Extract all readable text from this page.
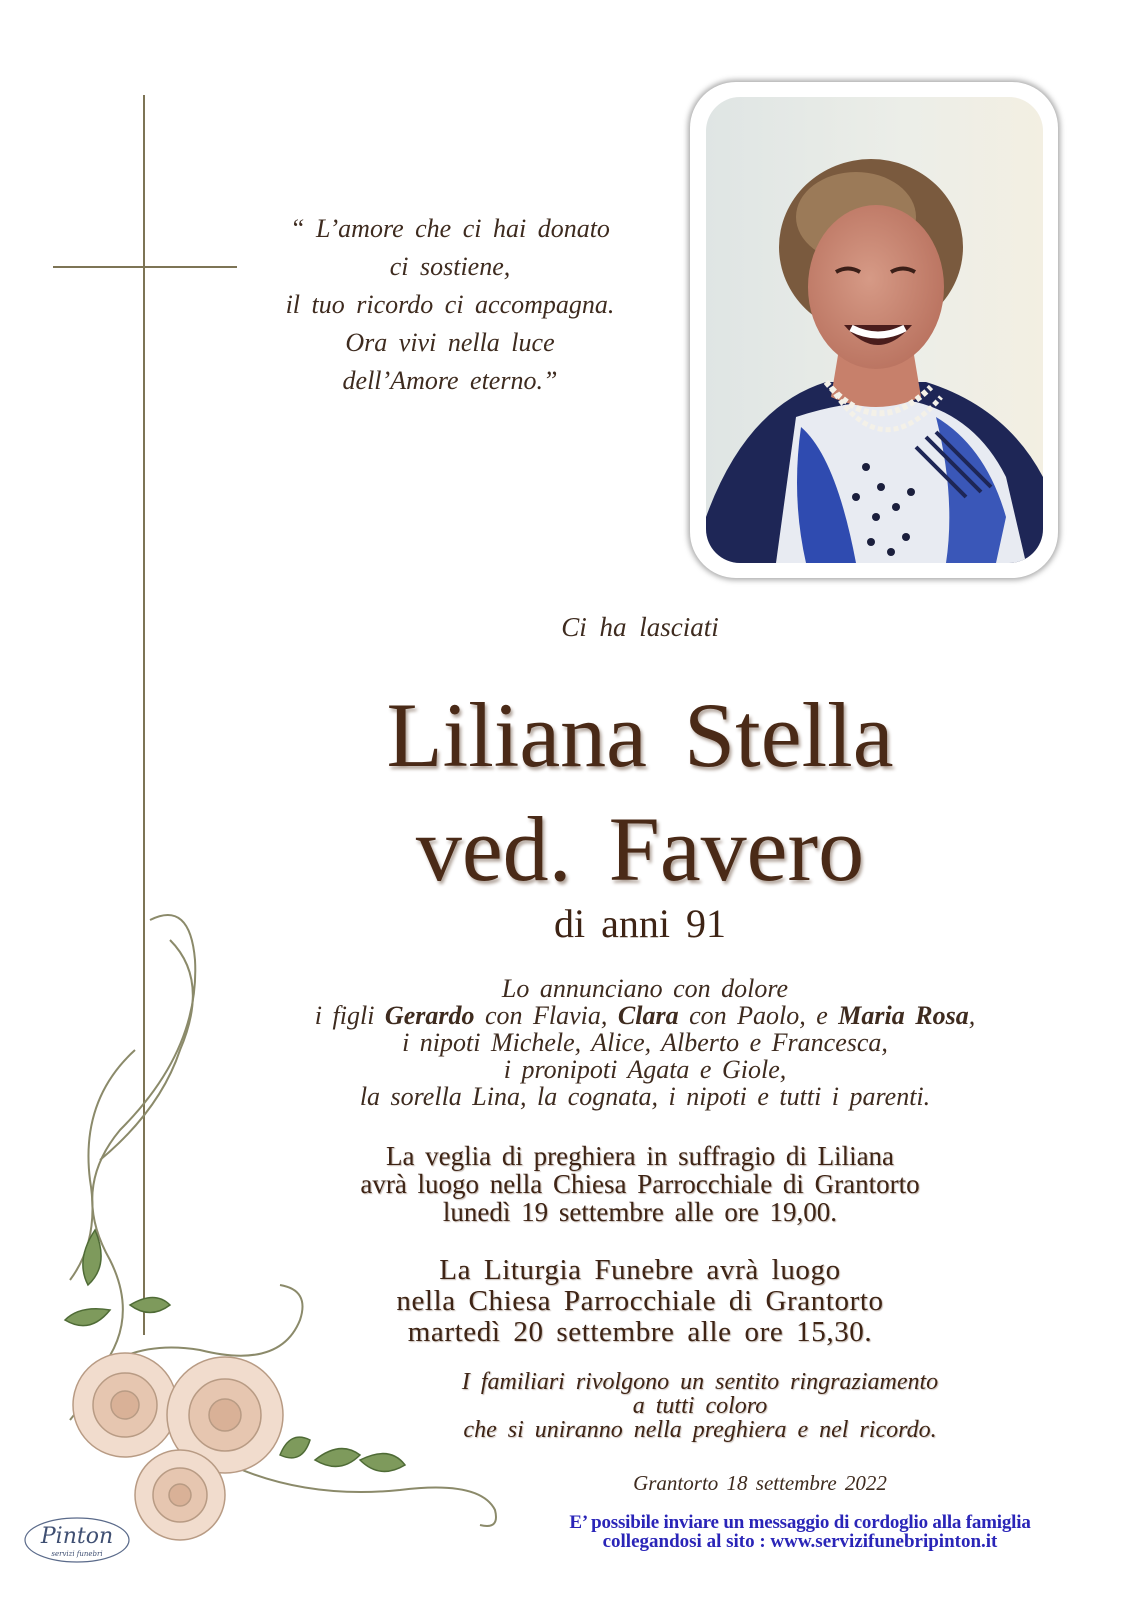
“ L’amore che ci hai donato
ci sostiene,
il tuo ricordo ci accompagna.
Ora vivi nella luce
dell’Amore eterno.”
Ci ha lasciati
Liliana Stella
ved. Favero
di anni 91
Lo annunciano con dolore
i figli Gerardo con Flavia, Clara con Paolo, e Maria Rosa,
i nipoti Michele, Alice, Alberto e Francesca,
i pronipoti Agata e Giole,
la sorella Lina, la cognata, i nipoti e tutti i parenti.
La veglia di preghiera in suffragio di Liliana
avrà luogo nella Chiesa Parrocchiale di Grantorto
lunedì 19 settembre alle ore 19,00.
La Liturgia Funebre avrà luogo
nella Chiesa Parrocchiale di Grantorto
martedì 20 settembre alle ore 15,30.
I familiari rivolgono un sentito ringraziamento
a tutti coloro
che si uniranno nella preghiera e nel ricordo.
Grantorto 18 settembre 2022
E’ possibile inviare un messaggio di cordoglio alla famiglia
collegandosi al sito : www.servizifunebripinton.it
Pinton
servizi funebri
